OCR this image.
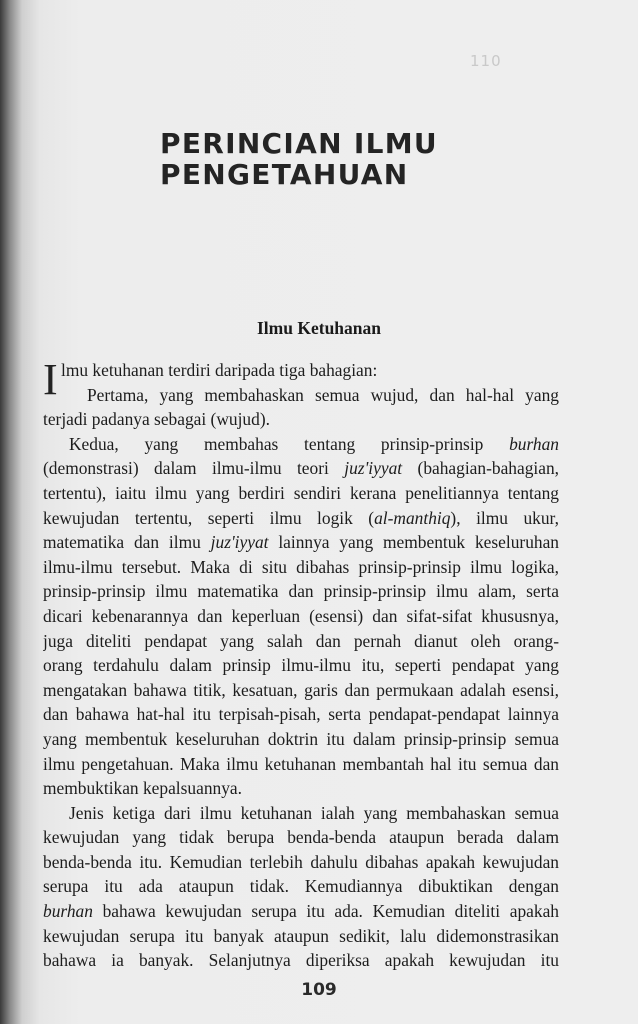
110
PERINCIAN ILMU
PENGETAHUAN
Ilmu Ketuhanan
I lmu ketuhanan terdiri daripada tiga bahagian:
Pertama, yang membahaskan semua wujud, dan hal-hal yang
terjadi padanya sebagai (wujud).
Kedua, yang membahas tentang prinsip-prinsip burhan
(demonstrasi) dalam ilmu-ilmu teori juz'iyyat (bahagian-bahagian,
tertentu), iaitu ilmu yang berdiri sendiri kerana penelitiannya tentang
kewujudan tertentu, seperti ilmu logik (al-manthiq), ilmu ukur,
matematika dan ilmu juz'iyyat lainnya yang membentuk keseluruhan
ilmu-ilmu tersebut. Maka di situ dibahas prinsip-prinsip ilmu logika,
prinsip-prinsip ilmu matematika dan prinsip-prinsip ilmu alam, serta
dicari kebenarannya dan keperluan (esensi) dan sifat-sifat khususnya,
juga diteliti pendapat yang salah dan pernah dianut oleh orang-
orang terdahulu dalam prinsip ilmu-ilmu itu, seperti pendapat yang
mengatakan bahawa titik, kesatuan, garis dan permukaan adalah esensi,
dan bahawa hat-hal itu terpisah-pisah, serta pendapat-pendapat lainnya
yang membentuk keseluruhan doktrin itu dalam prinsip-prinsip semua
ilmu pengetahuan. Maka ilmu ketuhanan membantah hal itu semua dan
membuktikan kepalsuannya.
Jenis ketiga dari ilmu ketuhanan ialah yang membahaskan semua
kewujudan yang tidak berupa benda-benda ataupun berada dalam
benda-benda itu. Kemudian terlebih dahulu dibahas apakah kewujudan
serupa itu ada ataupun tidak. Kemudiannya dibuktikan dengan
burhan bahawa kewujudan serupa itu ada. Kemudian diteliti apakah
kewujudan serupa itu banyak ataupun sedikit, lalu didemonstrasikan
bahawa ia banyak. Selanjutnya diperiksa apakah kewujudan itu
109
